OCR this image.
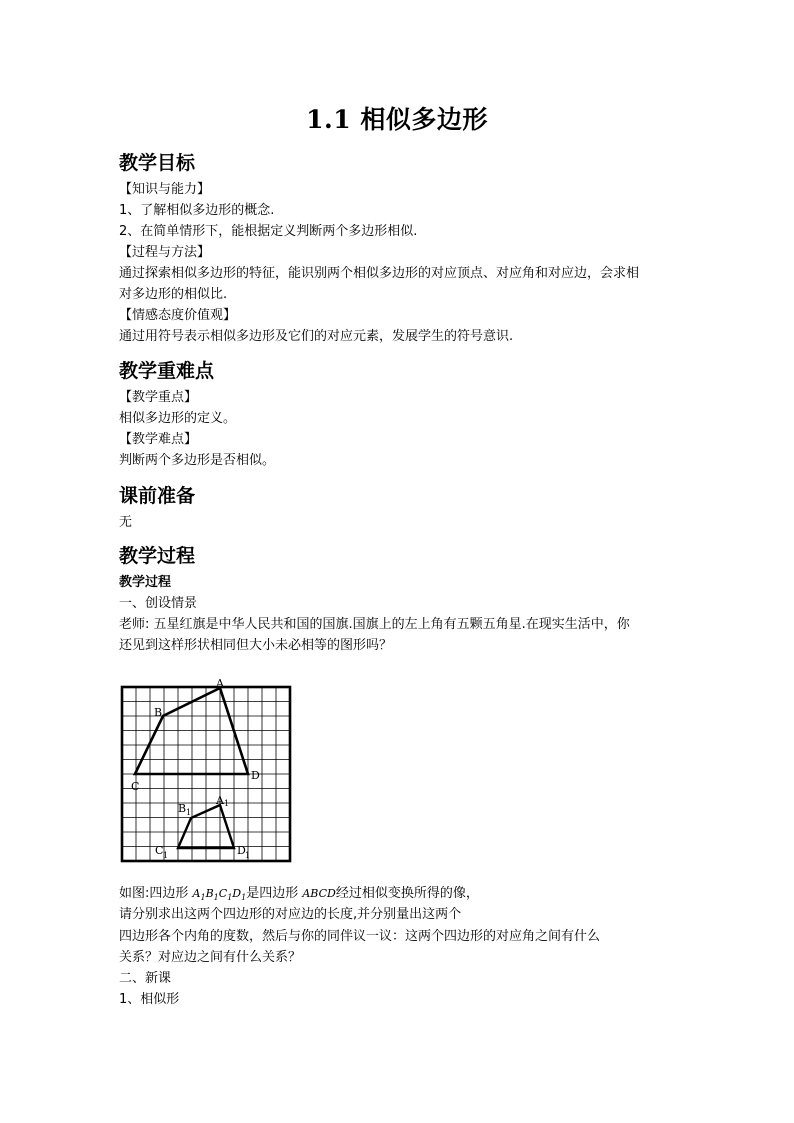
1.1 相似多边形
教学目标
【知识与能力】
1、了解相似多边形的概念.
2、在简单情形下，能根据定义判断两个多边形相似.
【过程与方法】
通过探索相似多边形的特征，能识别两个相似多边形的对应顶点、对应角和对应边，会求相
对多边形的相似比.
【情感态度价值观】
通过用符号表示相似多边形及它们的对应元素，发展学生的符号意识.
教学重难点
【教学重点】
相似多边形的定义。
【教学难点】
判断两个多边形是否相似。
课前准备
无
教学过程
教学过程
一、创设情景
老师: 五星红旗是中华人民共和国的国旗.国旗上的左上角有五颗五角星.在现实生活中，你
还见到这样形状相同但大小未必相等的图形吗？
A
B
C
D
B 1
A 1
C 1	D 1
如图:四边形 $A_1B_1C_1D_1$是四边形 ABCD经过相似变换所得的像，
请分别求出这两个四边形的对应边的长度,并分别量出这两个
四边形各个内角的度数，然后与你的同伴议一议：这两个四边形的对应角之间有什么
关系？对应边之间有什么关系？
二、新课
1、相似形
